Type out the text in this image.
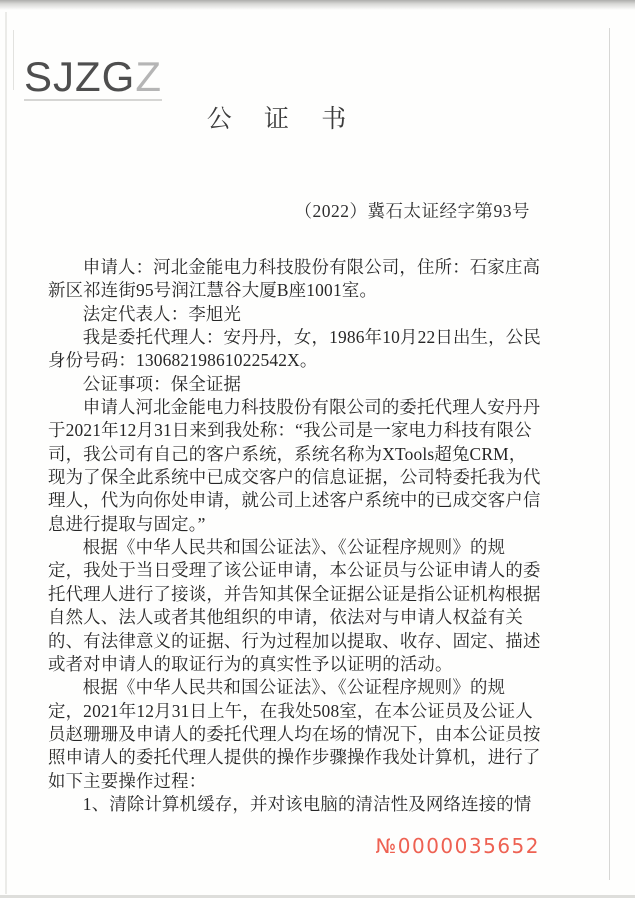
SJZGZ
公 证 书
（2022）冀石太证经字第93号
申请人：河北金能电力科技股份有限公司，住所：石家庄高
新区祁连街95号润江慧谷大厦B座1001室。
法定代表人：李旭光
我是委托代理人：安丹丹，女，1986年10月22日出生，公民
身份号码：13068219861022542X。
公证事项：保全证据
申请人河北金能电力科技股份有限公司的委托代理人安丹丹
于2021年12月31日来到我处称：“我公司是一家电力科技有限公
司，我公司有自己的客户系统，系统名称为XTools超兔CRM，
现为了保全此系统中已成交客户的信息证据，公司特委托我为代
理人，代为向你处申请，就公司上述客户系统中的已成交客户信
息进行提取与固定。”
根据《中华人民共和国公证法》、《公证程序规则》的规
定，我处于当日受理了该公证申请，本公证员与公证申请人的委
托代理人进行了接谈，并告知其保全证据公证是指公证机构根据
自然人、法人或者其他组织的申请，依法对与申请人权益有关
的、有法律意义的证据、行为过程加以提取、收存、固定、描述
或者对申请人的取证行为的真实性予以证明的活动。
根据《中华人民共和国公证法》、《公证程序规则》的规
定，2021年12月31日上午，在我处508室，在本公证员及公证人
员赵珊珊及申请人的委托代理人均在场的情况下，由本公证员按
照申请人的委托代理人提供的操作步骤操作我处计算机，进行了
如下主要操作过程：
1、清除计算机缓存，并对该电脑的清洁性及网络连接的情
№0000035652
